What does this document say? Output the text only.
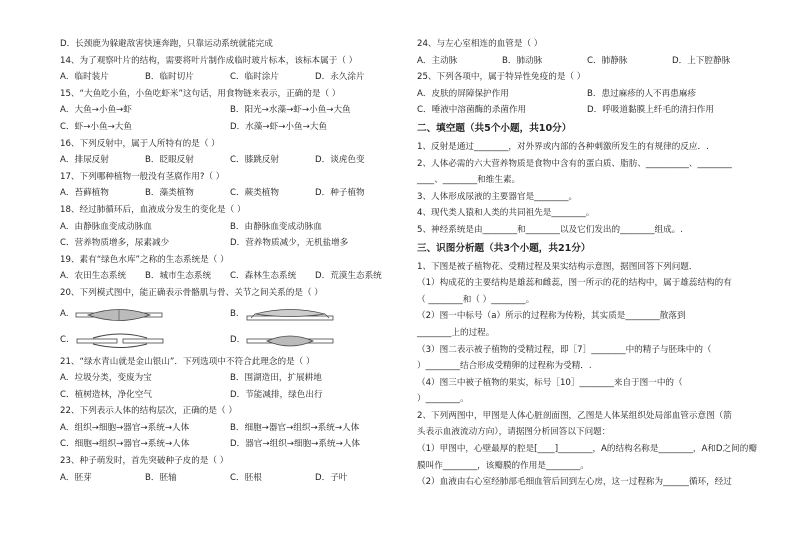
D．长颈鹿为躲避敌害快速奔跑，只靠运动系统就能完成
14、为了观察叶片的结构，需要将叶片制作成临时玻片标本，该标本属于（ ）
A．临时装片	B．临时切片	C．临时涂片	D．永久涂片
15、“大鱼吃小鱼，小鱼吃虾米”这句话，用食物链来表示，正确的是（ ）
A．大鱼→小鱼→虾	B．阳光→水藻→虾→小鱼→大鱼
C．虾→小鱼→大鱼	D．水藻→虾→小鱼→大鱼
16、下列反射中，属于人所特有的是（ ）
A．排尿反射	B．眨眼反射	C．膝跳反射	D．谈虎色变
17、下列哪种植物一般没有茎腐作用?（ ）
A．苔藓植物	B．藻类植物	C．蕨类植物	D．种子植物
18、经过肺循环后，血液成分发生的变化是（ ）
A．由静脉血变成动脉血	B．由静脉血变成动脉血
C．营养物质增多，尿素减少	D．营养物质减少，无机盐增多
19、素有“绿色水库”之称的生态系统是（ ）
A．农田生态系统	B．城市生态系统	C．森林生态系统	D．荒漠生态系统
20、下列模式图中，能正确表示骨骼肌与骨、关节之间关系的是（ ）
A.	B.
C.	D.
21、“绿水青山就是金山银山”．下列选项中不符合此理念的是（ ）
A．垃圾分类，变废为宝	B．围湖造田，扩展耕地
C．植树造林，净化空气	D．节能减排，绿色出行
22、下列表示人体的结构层次，正确的是（ ）
A．组织→细胞→器官→系统→人体	B．细胞→器官→组织→系统→人体
C．细胞→组织→器官→系统→人体	D．器官→组织→细胞→系统→人体
23、种子萌发时，首先突破种子皮的是（ ）
A．胚芽	B．胚轴	C．胚根	D．子叶
24、与左心室相连的血管是（ ）
A．主动脉	B．肺动脉	C．肺静脉	D．上下腔静脉
25、下列各项中，属于特异性免疫的是（ ）
A．皮肤的屏障保护作用	B．患过麻疹的人不再患麻疹
C．唾液中溶菌酶的杀菌作用	D．呼吸道黏膜上纤毛的清扫作用
二、填空题（共5个小题，共10分）
1、反射是通过________，对外界或内部的各种刺激所发生的有规律的反应．.
2、人体必需的六大营养物质是食物中含有的蛋白质、脂肪、__________、________
____、________和维生素。
3、人体形成尿液的主要器官是________。
4、现代类人猿和人类的共同祖先是________。
5、神经系统是由________和________以及它们发出的________组成。.
三、识图分析题（共3个小题，共21分）
1、下图是被子植物花、受精过程及果实结构示意图，据图回答下列问题．
（1）构成花的主要结构是雄蕊和雌蕊，图一所示的花的结构中，属于雄蕊结构的有
（ ________和（ ）________。
（2）图一中标号（a）所示的过程称为传粉，其实质是________散落到
________上的过程。
（3）图二表示被子植物的受精过程，即［7］________中的精子与胚珠中的（
）________结合形成受精卵的过程称为受精．.
（4）图三中被子植物的果实，标号［10］________来自于图一中的（
）________。
2、下列两图中，甲图是人体心脏剖面图，乙图是人体某组织处局部血管示意图（箭
头表示血液流动方向），请据图分析回答以下问题：
（1）甲图中，心壁最厚的腔是[____]________，A的结构名称是________，A和D之间的瓣
膜叫作________，该瓣膜的作用是________。
（2）血液由右心室经肺部毛细血管后回到左心房，这一过程称为______循环，经过
